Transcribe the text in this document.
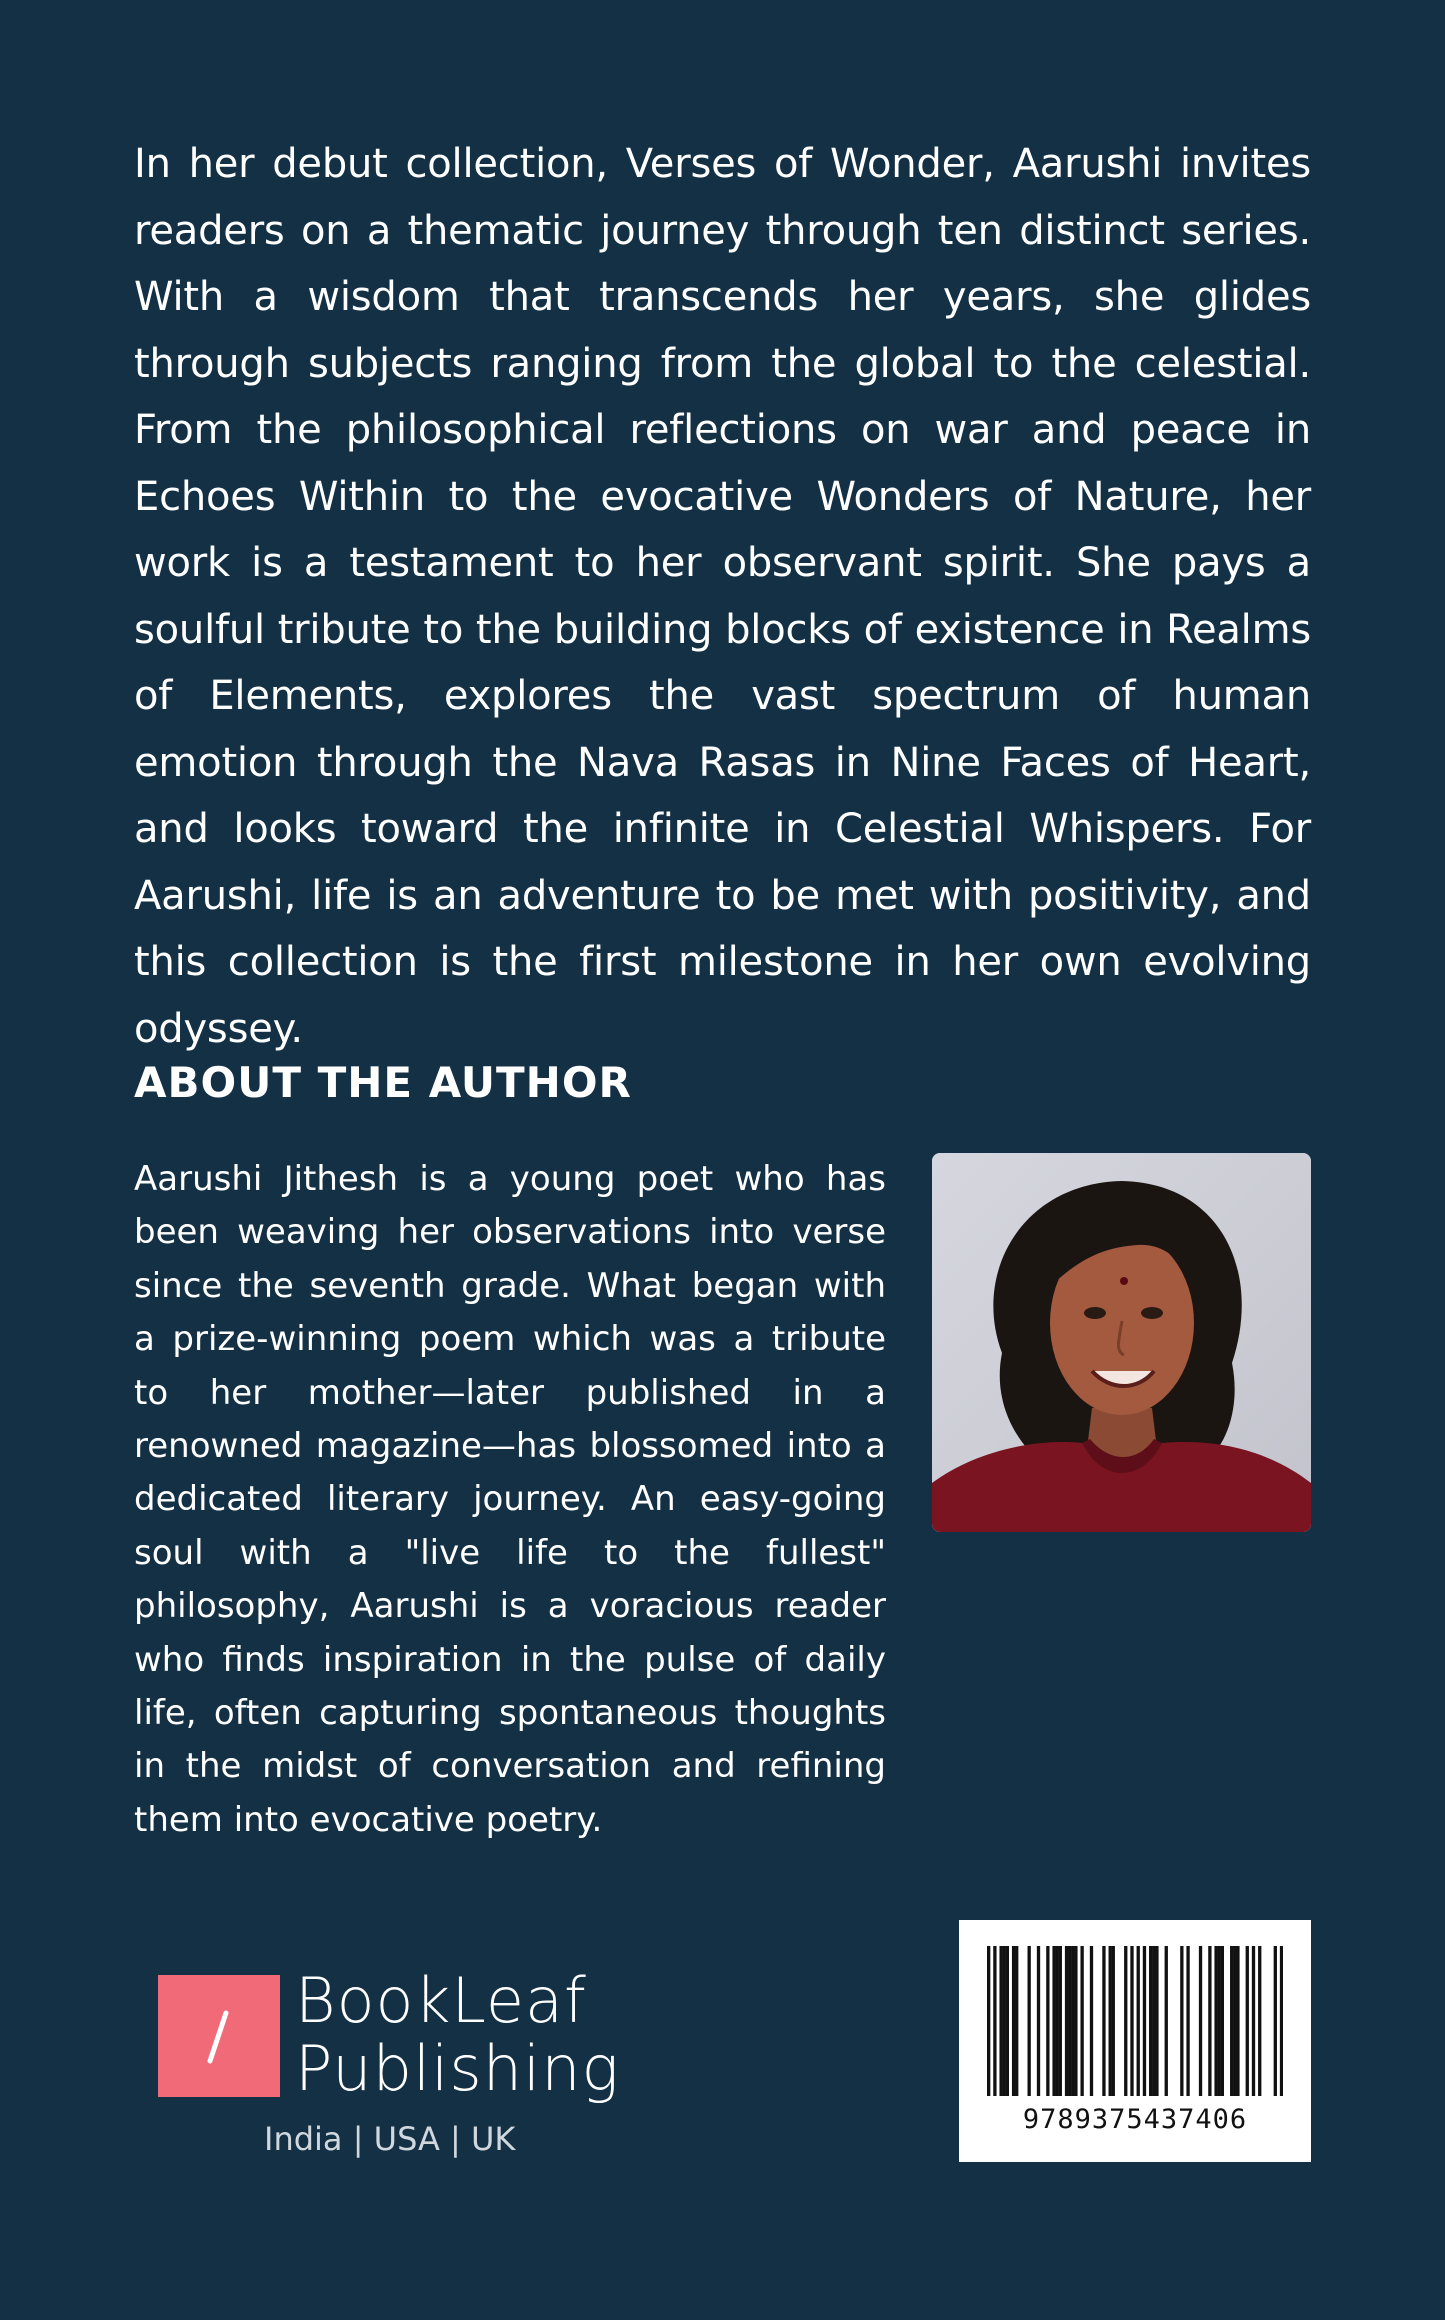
In her debut collection, Verses of Wonder, Aarushi invites readers on a thematic journey through ten distinct series. With a wisdom that transcends her years, she glides through subjects ranging from the global to the celestial. From the philosophical reflections on war and peace in Echoes Within to the evocative Wonders of Nature, her work is a testament to her observant spirit. She pays a soulful tribute to the building blocks of existence in Realms of Elements, explores the vast spectrum of human emotion through the Nava Rasas in Nine Faces of Heart, and looks toward the infinite in Celestial Whispers. For Aarushi, life is an adventure to be met with positivity, and this collection is the first milestone in her own evolving odyssey.

ABOUT THE AUTHOR

Aarushi Jithesh is a young poet who has been weaving her observations into verse since the seventh grade. What began with a prize-winning poem which was a tribute to her mother—later published in a renowned magazine—has blossomed into a dedicated literary journey. An easy-going soul with a "live life to the fullest" philosophy, Aarushi is a voracious reader who finds inspiration in the pulse of daily life, often capturing spontaneous thoughts in the midst of conversation and refining them into evocative poetry.

BookLeaf
Publishing
India | USA | UK
9789375437406
